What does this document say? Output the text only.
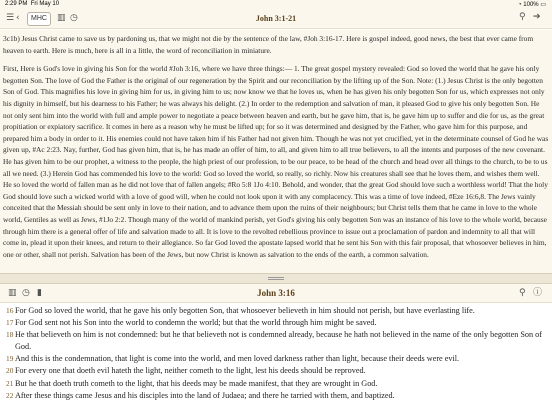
2:29 PM Fri May 10	◔ 100% ▭
☰ ‹	MHC	▥ ◷	John 3:1-21	⚲ ➔

3c1b) Jesus Christ came to save us by pardoning us, that we might not die by the sentence of the law, #Joh 3:16-17. Here is gospel indeed, good news, the best that ever came from heaven to earth. Here is much, here is all in a little, the word of reconciliation in miniature.

First, Here is God's love in giving his Son for the world #Joh 3:16, where we have three things:— 1. The great gospel mystery revealed: God so loved the world that he gave his only begotten Son. The love of God the Father is the original of our regeneration by the Spirit and our reconciliation by the lifting up of the Son. Note: (1.) Jesus Christ is the only begotten Son of God. This magnifies his love in giving him for us, in giving him to us; now know we that he loves us, when he has given his only begotten Son for us, which expresses not only his dignity in himself, but his dearness to his Father; he was always his delight. (2.) In order to the redemption and salvation of man, it pleased God to give his only begotten Son. He not only sent him into the world with full and ample power to negotiate a peace between heaven and earth, but he gave him, that is, he gave him up to suffer and die for us, as the great propitiation or expiatory sacrifice. It comes in here as a reason why he must be lifted up; for so it was determined and designed by the Father, who gave him for this purpose, and prepared him a body in order to it. His enemies could not have taken him if his Father had not given him. Though he was not yet crucified, yet in the determinate counsel of God he was given up, #Ac 2:23. Nay, further, God has given him, that is, he has made an offer of him, to all, and given him to all true believers, to all the intents and purposes of the new covenant. He has given him to be our prophet, a witness to the people, the high priest of our profession, to be our peace, to be head of the church and head over all things to the church, to be to us all we need. (3.) Herein God has commended his love to the world: God so loved the world, so really, so richly. Now his creatures shall see that he loves them, and wishes them well. He so loved the world of fallen man as he did not love that of fallen angels; #Ro 5:8 1Jo 4:10. Behold, and wonder, that the great God should love such a worthless world! That the holy God should love such a wicked world with a love of good will, when he could not look upon it with any complacency. This was a time of love indeed, #Eze 16:6,8. The Jews vainly conceited that the Messiah should be sent only in love to their nation, and to advance them upon the ruins of their neighbours; but Christ tells them that he came in love to the whole world, Gentiles as well as Jews, #1Jo 2:2. Though many of the world of mankind perish, yet God's giving his only begotten Son was an instance of his love to the whole world, because through him there is a general offer of life and salvation made to all. It is love to the revolted rebellious province to issue out a proclamation of pardon and indemnity to all that will come in, plead it upon their knees, and return to their allegiance. So far God loved the apostate lapsed world that he sent his Son with this fair proposal, that whosoever believes in him, one or other, shall not perish. Salvation has been of the Jews, but now Christ is known as salvation to the ends of the earth, a common salvation.

▥ ◷ ▮	John 3:16	⚲ ⓘ
16 For God so loved the world, that he gave his only begotten Son, that whosoever believeth in him should not perish, but have everlasting life.
17 For God sent not his Son into the world to condemn the world; but that the world through him might be saved.
18 He that believeth on him is not condemned: but he that believeth not is condemned already, because he hath not believed in the name of the only begotten Son of God.
19 And this is the condemnation, that light is come into the world, and men loved darkness rather than light, because their deeds were evil.
20 For every one that doeth evil hateth the light, neither cometh to the light, lest his deeds should be reproved.
21 But he that doeth truth cometh to the light, that his deeds may be made manifest, that they are wrought in God.
22 After these things came Jesus and his disciples into the land of Judaea; and there he tarried with them, and baptized.
